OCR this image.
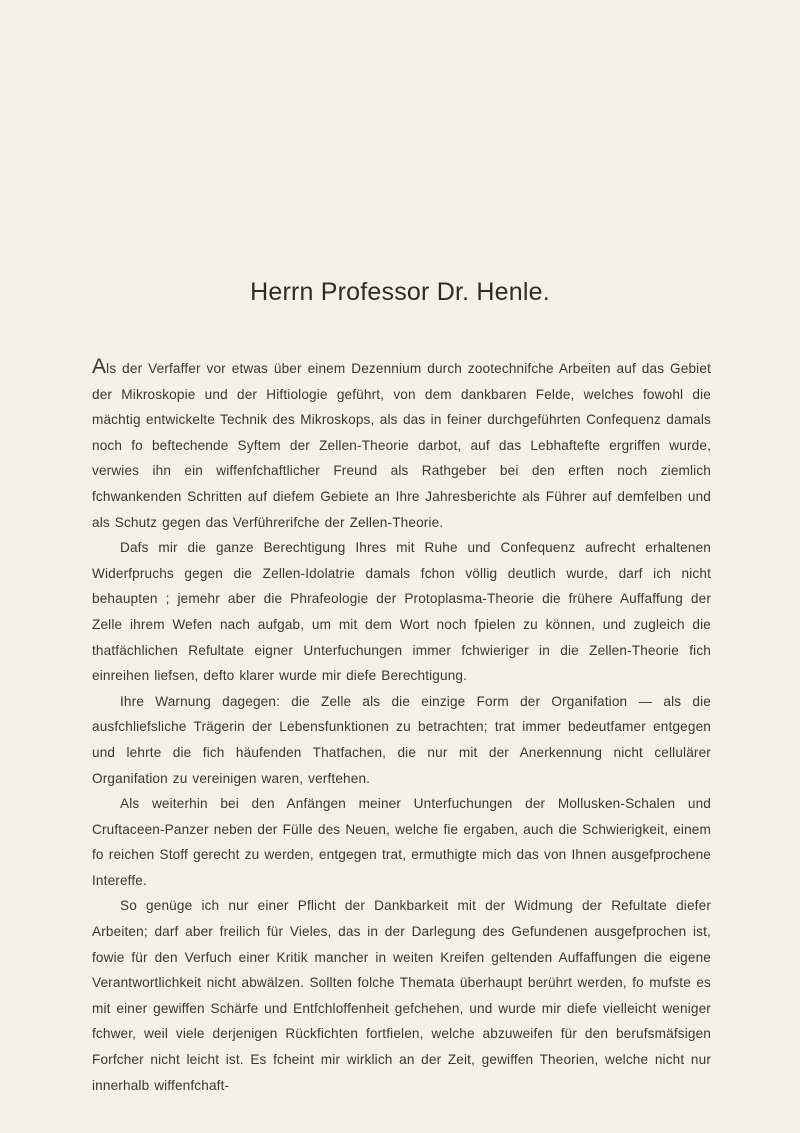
Herrn Professor Dr. Henle.

Als der Verfaffer vor etwas über einem Dezennium durch zootechnifche Arbeiten auf das Gebiet der Mikroskopie und der Hiftiologie geführt, von dem dankbaren Felde, welches fowohl die mächtig entwickelte Technik des Mikroskops, als das in feiner durchgeführten Confequenz damals noch fo beftechende Syftem der Zellen-Theorie darbot, auf das Lebhaftefte ergriffen wurde, verwies ihn ein wiffenfchaftlicher Freund als Rathgeber bei den erften noch ziemlich fchwankenden Schritten auf diefem Gebiete an Ihre Jahresberichte als Führer auf demfelben und als Schutz gegen das Verführerifche der Zellen-Theorie.

Dafs mir die ganze Berechtigung Ihres mit Ruhe und Confequenz aufrecht erhaltenen Widerfpruchs gegen die Zellen-Idolatrie damals fchon völlig deutlich wurde, darf ich nicht behaupten ; jemehr aber die Phrafeologie der Protoplasma-Theorie die frühere Auffaffung der Zelle ihrem Wefen nach aufgab, um mit dem Wort noch fpielen zu können, und zugleich die thatfächlichen Refultate eigner Unterfuchungen immer fchwieriger in die Zellen-Theorie fich einreihen liefsen, defto klarer wurde mir diefe Berechtigung.

Ihre Warnung dagegen: die Zelle als die einzige Form der Organifation — als die ausfchliefsliche Trägerin der Lebensfunktionen zu betrachten; trat immer bedeutfamer entgegen und lehrte die fich häufenden Thatfachen, die nur mit der Anerkennung nicht cellulärer Organifation zu vereinigen waren, verftehen.

Als weiterhin bei den Anfängen meiner Unterfuchungen der Mollusken-Schalen und Cruftaceen-Panzer neben der Fülle des Neuen, welche fie ergaben, auch die Schwierigkeit, einem fo reichen Stoff gerecht zu werden, entgegen trat, ermuthigte mich das von Ihnen ausgefprochene Intereffe.

So genüge ich nur einer Pflicht der Dankbarkeit mit der Widmung der Refultate diefer Arbeiten; darf aber freilich für Vieles, das in der Darlegung des Gefundenen ausgefprochen ist, fowie für den Verfuch einer Kritik mancher in weiten Kreifen geltenden Auffaffungen die eigene Verantwortlichkeit nicht abwälzen. Sollten folche Themata überhaupt berührt werden, fo mufste es mit einer gewiffen Schärfe und Entfchloffenheit gefchehen, und wurde mir diefe vielleicht weniger fchwer, weil viele derjenigen Rückfichten fortfielen, welche abzuweifen für den berufsmäfsigen Forfcher nicht leicht ist. Es fcheint mir wirklich an der Zeit, gewiffen Theorien, welche nicht nur innerhalb wiffenfchaft-
